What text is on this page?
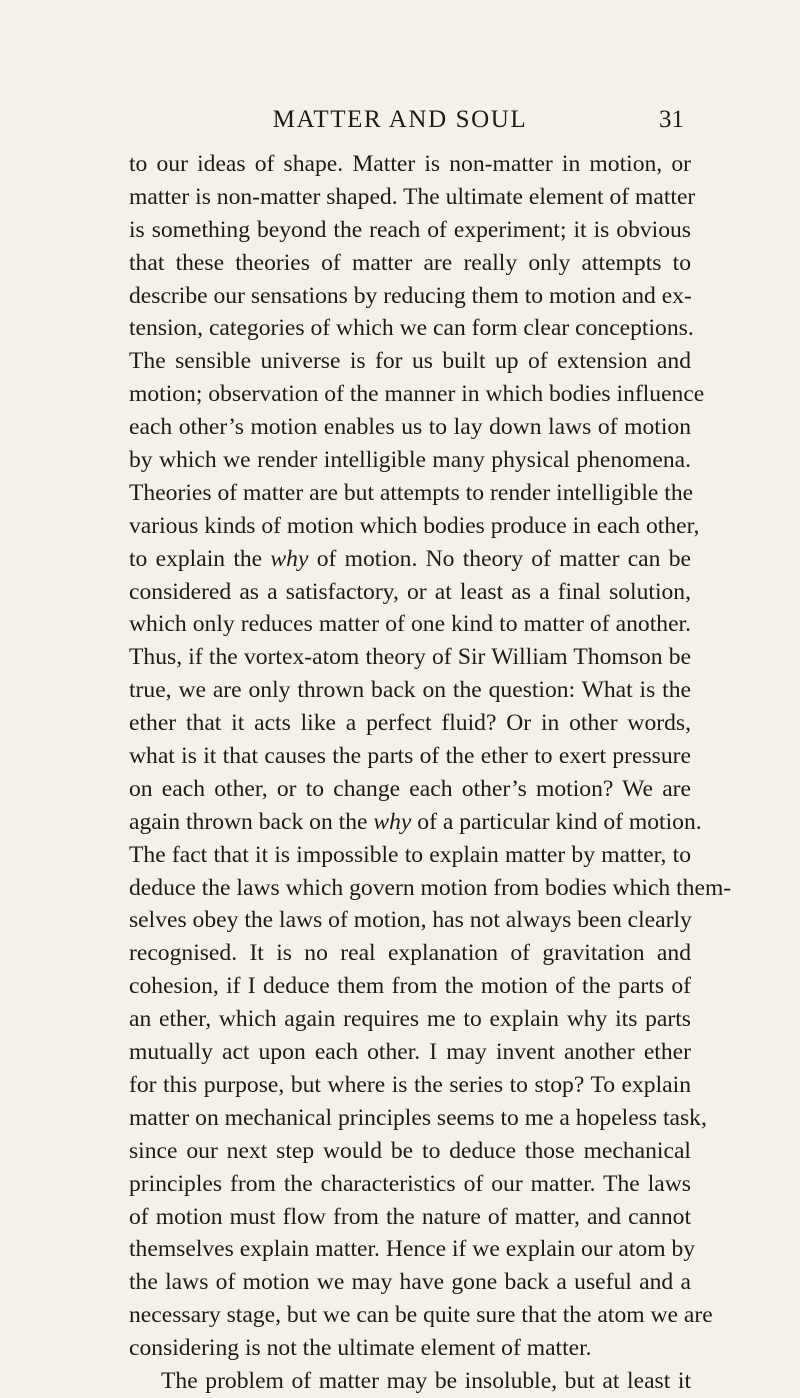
MATTER AND SOUL	31
to our ideas of shape. Matter is non-matter in motion, or
matter is non-matter shaped. The ultimate element of matter
is something beyond the reach of experiment; it is obvious
that these theories of matter are really only attempts to
describe our sensations by reducing them to motion and ex-
tension, categories of which we can form clear conceptions.
The sensible universe is for us built up of extension and
motion; observation of the manner in which bodies influence
each other’s motion enables us to lay down laws of motion
by which we render intelligible many physical phenomena.
Theories of matter are but attempts to render intelligible the
various kinds of motion which bodies produce in each other,
to explain the why of motion. No theory of matter can be
considered as a satisfactory, or at least as a final solution,
which only reduces matter of one kind to matter of another.
Thus, if the vortex-atom theory of Sir William Thomson be
true, we are only thrown back on the question: What is the
ether that it acts like a perfect fluid? Or in other words,
what is it that causes the parts of the ether to exert pressure
on each other, or to change each other’s motion? We are
again thrown back on the why of a particular kind of motion.
The fact that it is impossible to explain matter by matter, to
deduce the laws which govern motion from bodies which them-
selves obey the laws of motion, has not always been clearly
recognised. It is no real explanation of gravitation and
cohesion, if I deduce them from the motion of the parts of
an ether, which again requires me to explain why its parts
mutually act upon each other. I may invent another ether
for this purpose, but where is the series to stop? To explain
matter on mechanical principles seems to me a hopeless task,
since our next step would be to deduce those mechanical
principles from the characteristics of our matter. The laws
of motion must flow from the nature of matter, and cannot
themselves explain matter. Hence if we explain our atom by
the laws of motion we may have gone back a useful and a
necessary stage, but we can be quite sure that the atom we are
considering is not the ultimate element of matter.
The problem of matter may be insoluble, but at least it
